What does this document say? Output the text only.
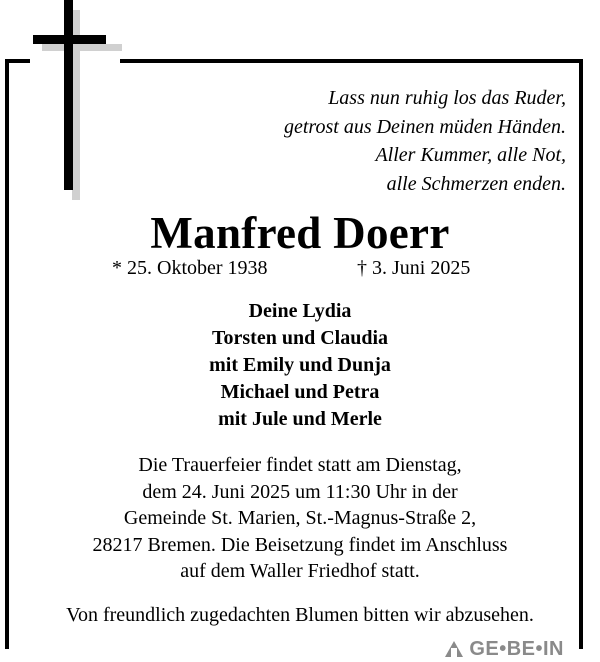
Lass nun ruhig los das Ruder,
getrost aus Deinen müden Händen.
Aller Kummer, alle Not,
alle Schmerzen enden.
Manfred Doerr
* 25. Oktober 1938	† 3. Juni 2025
Deine Lydia
Torsten und Claudia
mit Emily und Dunja
Michael und Petra
mit Jule und Merle
Die Trauerfeier findet statt am Dienstag,
dem 24. Juni 2025 um 11:30 Uhr in der
Gemeinde St. Marien, St.-Magnus-Straße 2,
28217 Bremen. Die Beisetzung findet im Anschluss
auf dem Waller Friedhof statt.
Von freundlich zugedachten Blumen bitten wir abzusehen.
GE•BE•IN
